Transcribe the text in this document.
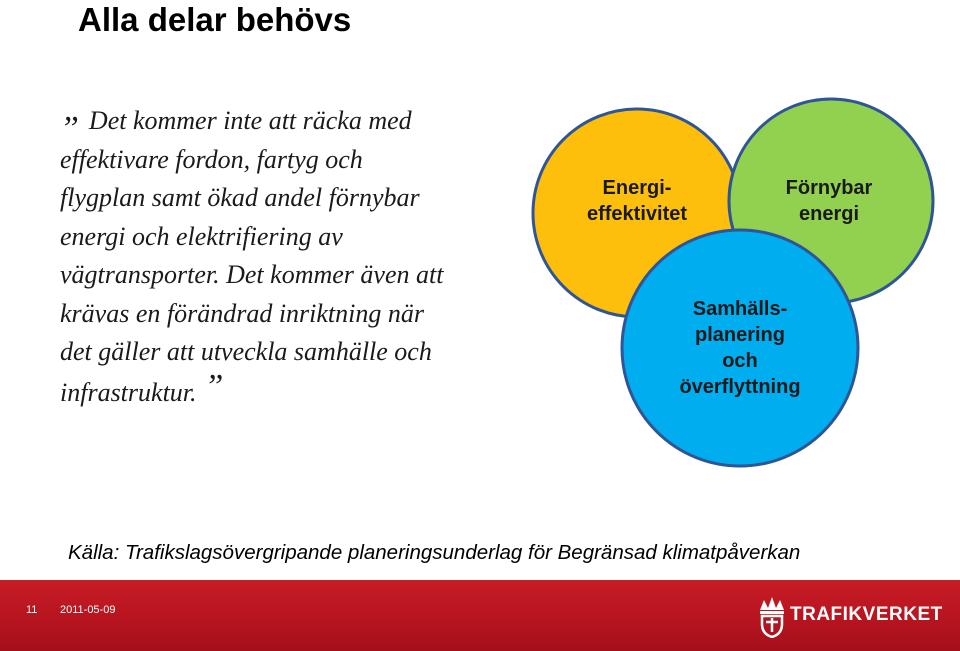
Alla delar behövs
” Det kommer inte att räcka med
effektivare fordon, fartyg och
flygplan samt ökad andel förnybar
energi och elektrifiering av
vägtransporter. Det kommer även att
krävas en förändrad inriktning när
det gäller att utveckla samhälle och
infrastruktur. ”
Energi-
effektivitet
Förnybar
energi
Samhälls-
planering
och
överflyttning

Källa: Trafikslagsövergripande planeringsunderlag för Begränsad klimatpåverkan

11 2011-05-09	TRAFIKVERKET
